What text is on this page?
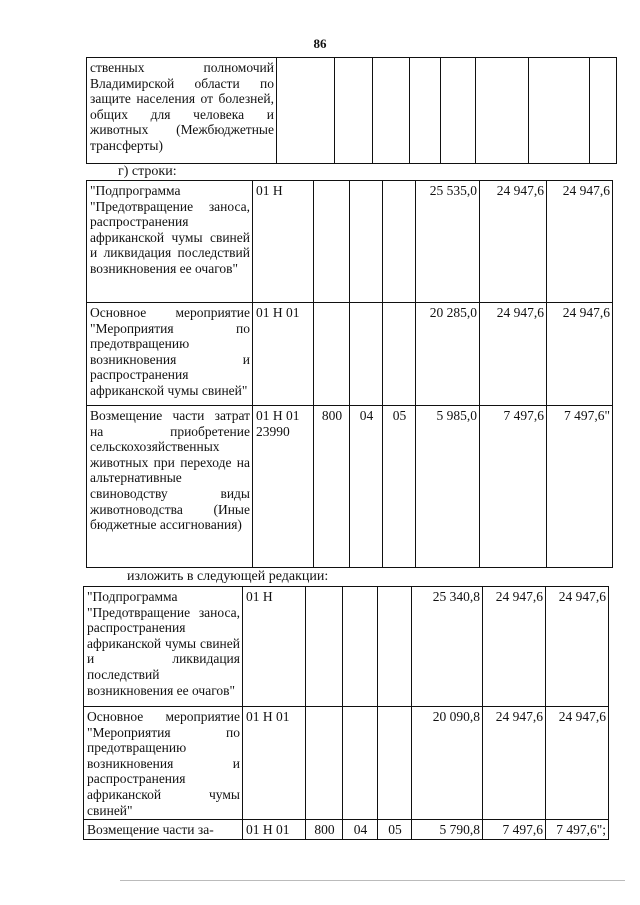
86
ственных полномочий Владимирской области по защите населения от болезней, общих для человека и животных (Межбюджетные трансферты)								
г) строки:
"Подпрограмма "Предотвращение заноса, распространения африканской чумы свиней и ликвидация последствий возникновения ее очагов"	01 Н				25 535,0	24 947,6	24 947,6
Основное мероприятие "Мероприятия по предотвращению возникновения и распространения африканской чумы свиней"	01 Н 01				20 285,0	24 947,6	24 947,6
Возмещение части затрат на приобретение сельскохозяйственных животных при переходе на альтернативные свиноводству виды животноводства (Иные бюджетные ассигнования)	01 Н 01 23990	800	04	05	5 985,0	7 497,6	7 497,6"
изложить в следующей редакции:
"Подпрограмма "Предотвращение заноса, распространения африканской чумы свиней и ликвидация последствий возникновения ее очагов"	01 Н				25 340,8	24 947,6	24 947,6
Основное мероприятие "Мероприятия по предотвращению возникновения и распространения африканской чумы свиней"	01 Н 01				20 090,8	24 947,6	24 947,6
Возмещение части за-	01 Н 01	800	04	05	5 790,8	7 497,6	7 497,6";
